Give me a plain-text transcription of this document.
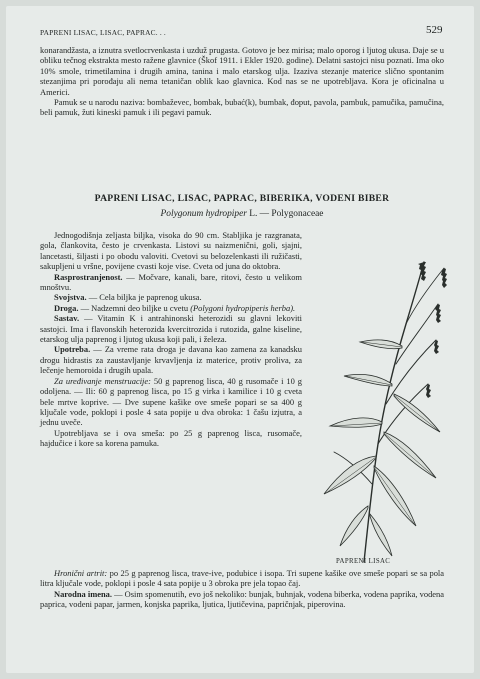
PAPRENI LISAC, LISAC, PAPRAC. . .	529

konarandžasta, a iznutra svetlocrvenkasta i uzduž prugasta. Gotovo je bez mirisa; malo oporog i ljutog ukusa. Daje se u obliku tečnog ekstrakta mesto ražene glavnice (Škof 1911. i Ekler 1920. godine). Delatni sastojci nisu poznati. Ima oko 10% smole, trimetilamina i drugih amina, tanina i malo etarskog ulja. Izaziva stezanje materice slično spontanim stezanjima pri porođaju ali nema tetaničan oblik kao glavnica. Kod nas se ne upotrebljava. Kora je oficinalna u Americi.

Pamuk se u narodu naziva: bombaževec, bombak, bubać(k), bumbak, đoput, pavola, pambuk, pamučika, pamučina, beli pamuk, žuti kineski pamuk i ili pegavi pamuk.

PAPRENI LISAC, LISAC, PAPRAC, BIBERIKA, VODENI BIBER
Polygonum hydropiper L. — Polygonaceae

Jednogodišnja zeljasta biljka, visoka do 90 cm. Stabljika je razgranata, gola, člankovita, često je crvenkasta. Listovi su naizmenični, goli, sjajni, lancetasti, šiljasti i po obodu valoviti. Cvetovi su belozelenkasti ili ružičasti, sakupljeni u vršne, povijene cvasti koje vise. Cveta od juna do oktobra.

Rasprostranjenost. — Močvare, kanali, bare, ritovi, često u velikom mnoštvu.

Svojstva. — Cela biljka je paprenog ukusa.

Droga. — Nadzemni deo biljke u cvetu (Polygoni hydropiperis herba).

Sastav. — Vitamin K i antrahinonski heterozidi su glavni lekoviti sastojci. Ima i flavonskih heterozida kvercitrozida i rutozida, galne kiseline, etarskog ulja paprenog i ljutog ukusa koji pali, i železa.

Upotreba. — Za vreme rata droga je davana kao zamena za kanadsku drogu hidrastis za zaustavljanje krvavljenja iz materice, protiv proliva, za lečenje hemoroida i drugih upala.

Za uređivanje menstruacije: 50 g paprenog lisca, 40 g rusomače i 10 g odoljena. — Ili: 60 g paprenog lisca, po 15 g virka i kamilice i 10 g cveta bele mrtve koprive. — Dve supene kašike ove smeše popari se sa 400 g ključale vode, poklopi i posle 4 sata popije u dva obroka: 1 čašu izjutra, a jednu uveče.

Upotrebljava se i ova smeša: po 25 g paprenog lisca, rusomače, hajdučice i kore sa korena pamuka.

Hronični artrit: po 25 g paprenog lisca, trave-ive, podubice i isopa. Tri supene kašike ove smeše popari se sa pola litra ključale vode, poklopi i posle 4 sata popije u 3 obroka pre jela topao čaj.

Narodna imena. — Osim spomenutih, evo još nekoliko: bunjak, buhnjak, vodena biberka, vodena paprika, vodena paprica, vodeni papar, jarmen, konjska paprika, ljutica, ljutičevina, papričnjak, piperovina.

PAPRENI LISAC
